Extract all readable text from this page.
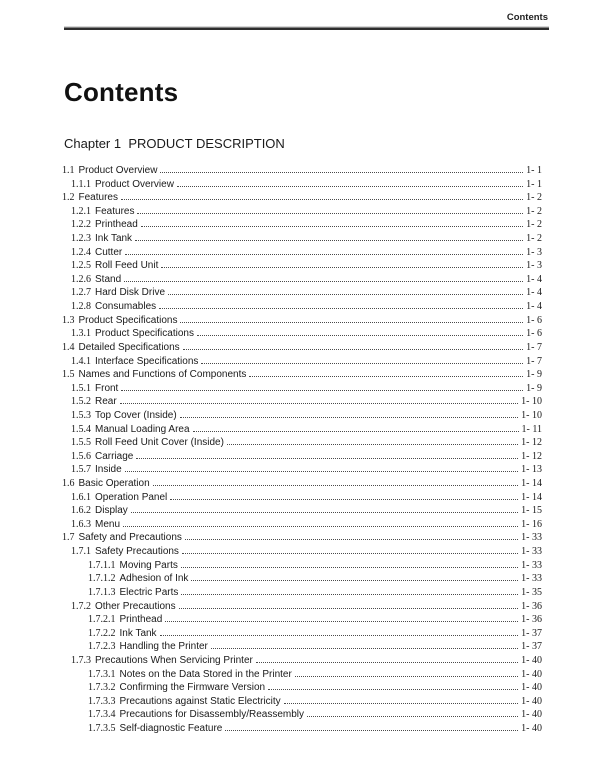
Contents
Contents
Chapter 1  PRODUCT DESCRIPTION
1.1 Product Overview	1- 1
1.1.1 Product Overview	1- 1
1.2 Features	1- 2
1.2.1 Features	1- 2
1.2.2 Printhead	1- 2
1.2.3 Ink Tank	1- 2
1.2.4 Cutter	1- 3
1.2.5 Roll Feed Unit	1- 3
1.2.6 Stand	1- 4
1.2.7 Hard Disk Drive	1- 4
1.2.8 Consumables	1- 4
1.3 Product Specifications	1- 6
1.3.1 Product Specifications	1- 6
1.4 Detailed Specifications	1- 7
1.4.1 Interface Specifications	1- 7
1.5 Names and Functions of Components	1- 9
1.5.1 Front	1- 9
1.5.2 Rear	1- 10
1.5.3 Top Cover (Inside)	1- 10
1.5.4 Manual Loading Area	1- 11
1.5.5 Roll Feed Unit Cover (Inside)	1- 12
1.5.6 Carriage	1- 12
1.5.7 Inside	1- 13
1.6 Basic Operation	1- 14
1.6.1 Operation Panel	1- 14
1.6.2 Display	1- 15
1.6.3 Menu	1- 16
1.7 Safety and Precautions	1- 33
1.7.1 Safety Precautions	1- 33
1.7.1.1 Moving Parts	1- 33
1.7.1.2 Adhesion of Ink	1- 33
1.7.1.3 Electric Parts	1- 35
1.7.2 Other Precautions	1- 36
1.7.2.1 Printhead	1- 36
1.7.2.2 Ink Tank	1- 37
1.7.2.3 Handling the Printer	1- 37
1.7.3 Precautions When Servicing Printer	1- 40
1.7.3.1 Notes on the Data Stored in the Printer	1- 40
1.7.3.2 Confirming the Firmware Version	1- 40
1.7.3.3 Precautions against Static Electricity	1- 40
1.7.3.4 Precautions for Disassembly/Reassembly	1- 40
1.7.3.5 Self-diagnostic Feature	1- 40
